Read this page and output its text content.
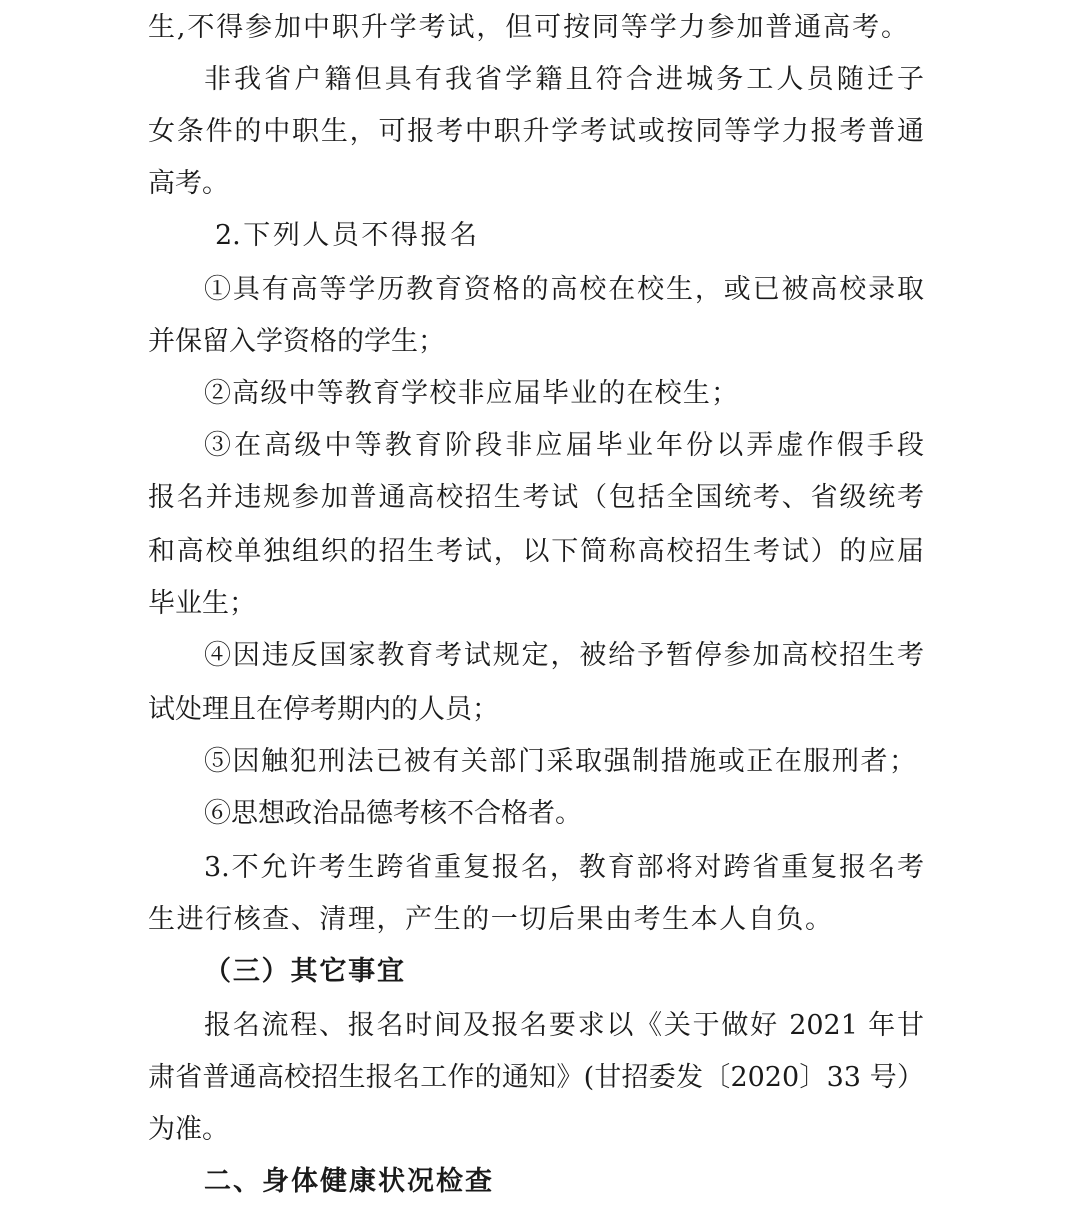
生,不得参加中职升学考试，但可按同等学力参加普通高考。
非我省户籍但具有我省学籍且符合进城务工人员随迁子
女条件的中职生，可报考中职升学考试或按同等学力报考普通
高考。
2.下列人员不得报名
①具有高等学历教育资格的高校在校生，或已被高校录取
并保留入学资格的学生；
②高级中等教育学校非应届毕业的在校生；
③在高级中等教育阶段非应届毕业年份以弄虚作假手段
报名并违规参加普通高校招生考试（包括全国统考、省级统考
和高校单独组织的招生考试，以下简称高校招生考试）的应届
毕业生；
④因违反国家教育考试规定，被给予暂停参加高校招生考
试处理且在停考期内的人员；
⑤因触犯刑法已被有关部门采取强制措施或正在服刑者；
⑥思想政治品德考核不合格者。
3.不允许考生跨省重复报名，教育部将对跨省重复报名考
生进行核查、清理，产生的一切后果由考生本人自负。
（三）其它事宜
报名流程、报名时间及报名要求以《关于做好 2021 年甘
肃省普通高校招生报名工作的通知》(甘招委发〔2020〕33 号）
为准。
二、身体健康状况检查
